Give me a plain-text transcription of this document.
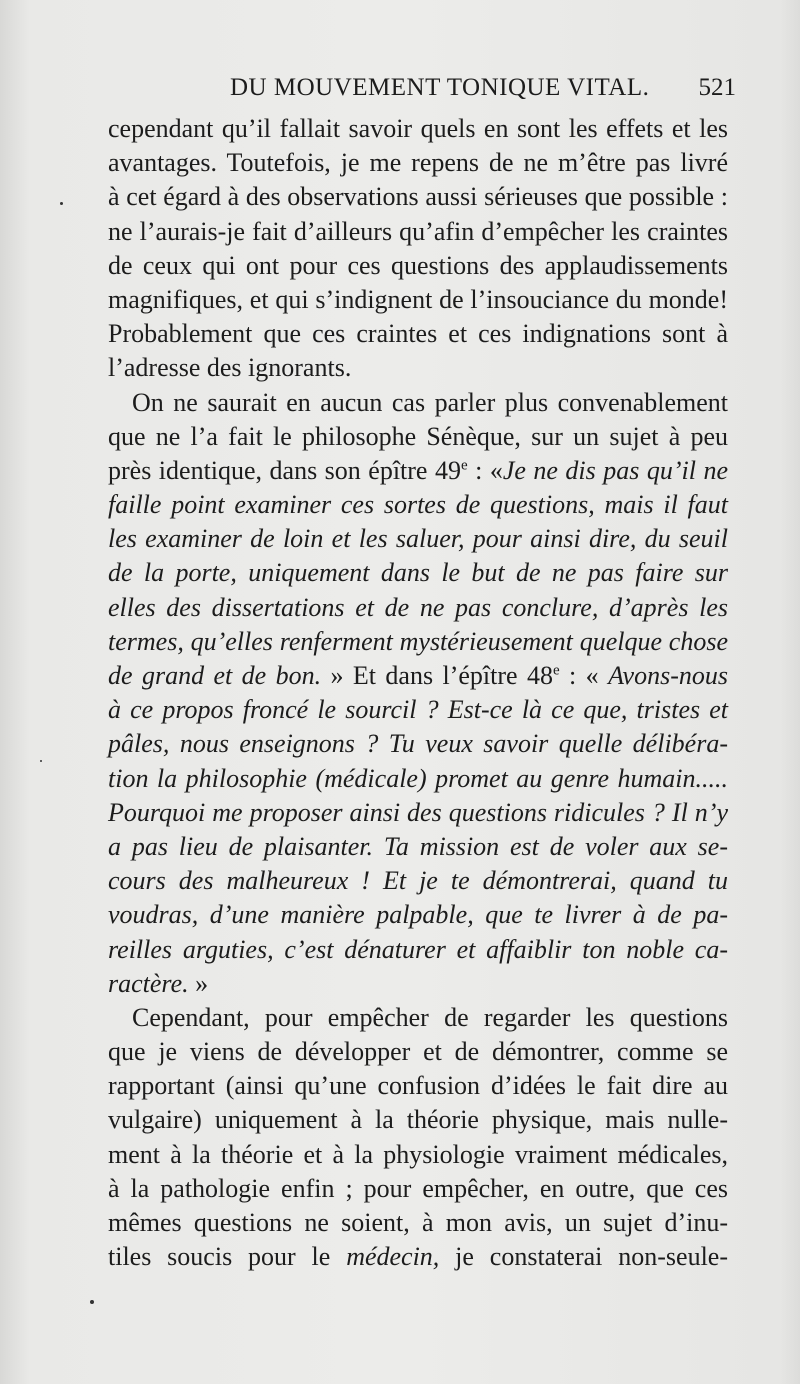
DU MOUVEMENT TONIQUE VITAL. 521
cependant qu’il fallait savoir quels en sont les effets et les
avantages. Toutefois, je me repens de ne m’être pas livré
à cet égard à des observations aussi sérieuses que possible :
ne l’aurais-je fait d’ailleurs qu’afin d’empêcher les craintes
de ceux qui ont pour ces questions des applaudissements
magnifiques, et qui s’indignent de l’insouciance du monde!
Probablement que ces craintes et ces indignations sont à
l’adresse des ignorants.
On ne saurait en aucun cas parler plus convenablement
que ne l’a fait le philosophe Sénèque, sur un sujet à peu
près identique, dans son épître 49e : «Je ne dis pas qu’il ne
faille point examiner ces sortes de questions, mais il faut
les examiner de loin et les saluer, pour ainsi dire, du seuil
de la porte, uniquement dans le but de ne pas faire sur
elles des dissertations et de ne pas conclure, d’après les
termes, qu’elles renferment mystérieusement quelque chose
de grand et de bon. » Et dans l’épître 48e : « Avons-nous
à ce propos froncé le sourcil ? Est-ce là ce que, tristes et
pâles, nous enseignons ? Tu veux savoir quelle délibéra-
tion la philosophie (médicale) promet au genre humain.....
Pourquoi me proposer ainsi des questions ridicules ? Il n’y
a pas lieu de plaisanter. Ta mission est de voler aux se-
cours des malheureux ! Et je te démontrerai, quand tu
voudras, d’une manière palpable, que te livrer à de pa-
reilles arguties, c’est dénaturer et affaiblir ton noble ca-
ractère. »
Cependant, pour empêcher de regarder les questions
que je viens de développer et de démontrer, comme se
rapportant (ainsi qu’une confusion d’idées le fait dire au
vulgaire) uniquement à la théorie physique, mais nulle-
ment à la théorie et à la physiologie vraiment médicales,
à la pathologie enfin ; pour empêcher, en outre, que ces
mêmes questions ne soient, à mon avis, un sujet d’inu-
tiles soucis pour le médecin, je constaterai non-seule-
